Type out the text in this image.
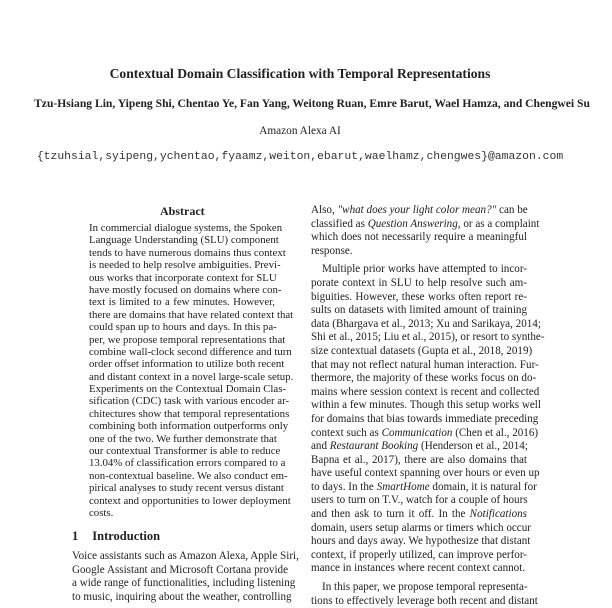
Contextual Domain Classification with Temporal Representations
Tzu-Hsiang Lin, Yipeng Shi, Chentao Ye, Fan Yang, Weitong Ruan, Emre Barut, Wael Hamza, and Chengwei Su
Amazon Alexa AI
{tzuhsial,syipeng,ychentao,fyaamz,weiton,ebarut,waelhamz,chengwes}@amazon.com
Abstract
In commercial dialogue systems, the Spoken
Language Understanding (SLU) component
tends to have numerous domains thus context
is needed to help resolve ambiguities. Previ-
ous works that incorporate context for SLU
have mostly focused on domains where con-
text is limited to a few minutes. However,
there are domains that have related context that
could span up to hours and days. In this pa-
per, we propose temporal representations that
combine wall-clock second difference and turn
order offset information to utilize both recent
and distant context in a novel large-scale setup.
Experiments on the Contextual Domain Clas-
sification (CDC) task with various encoder ar-
chitectures show that temporal representations
combining both information outperforms only
one of the two. We further demonstrate that
our contextual Transformer is able to reduce
13.04% of classification errors compared to a
non-contextual baseline. We also conduct em-
pirical analyses to study recent versus distant
context and opportunities to lower deployment
costs.
1 Introduction
Voice assistants such as Amazon Alexa, Apple Siri,
Google Assistant and Microsoft Cortana provide
a wide range of functionalities, including listening
to music, inquiring about the weather, controlling
Also, "what does your light color mean?" can be
classified as Question Answering, or as a complaint
which does not necessarily require a meaningful
response.
Multiple prior works have attempted to incor-
porate context in SLU to help resolve such am-
biguities. However, these works often report re-
sults on datasets with limited amount of training
data (Bhargava et al., 2013; Xu and Sarikaya, 2014;
Shi et al., 2015; Liu et al., 2015), or resort to synthe-
size contextual datasets (Gupta et al., 2018, 2019)
that may not reflect natural human interaction. Fur-
thermore, the majority of these works focus on do-
mains where session context is recent and collected
within a few minutes. Though this setup works well
for domains that bias towards immediate preceding
context such as Communication (Chen et al., 2016)
and Restaurant Booking (Henderson et al., 2014;
Bapna et al., 2017), there are also domains that
have useful context spanning over hours or even up
to days. In the SmartHome domain, it is natural for
users to turn on T.V., watch for a couple of hours
and then ask to turn it off. In the Notifications
domain, users setup alarms or timers which occur
hours and days away. We hypothesize that distant
context, if properly utilized, can improve perfor-
mance in instances where recent context cannot.
In this paper, we propose temporal representa-
tions to effectively leverage both recent and distant
